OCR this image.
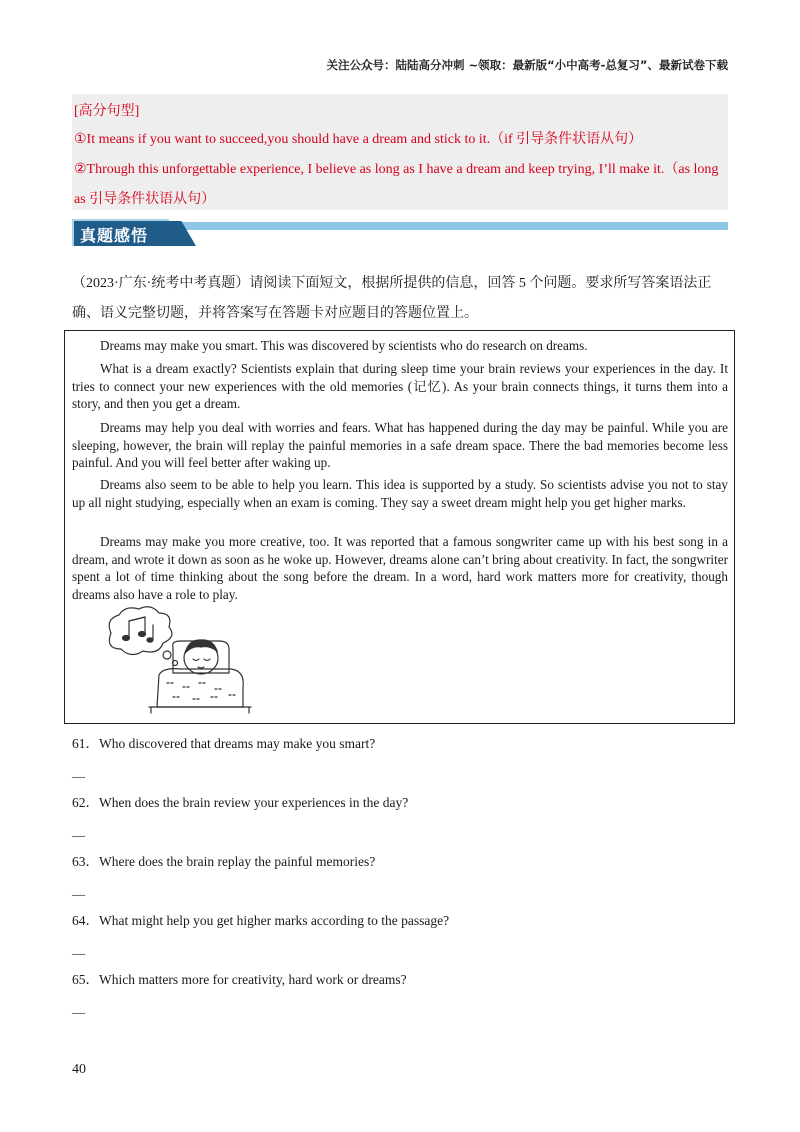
关注公众号：陆陆高分冲刺 ~领取：最新版“小中高考-总复习”、最新试卷下载
[高分句型]
①It means if you want to succeed,you should have a dream and stick to it.（if 引导条件状语从句）
②Through this unforgettable experience, I believe as long as I have a dream and keep trying, I’ll make it.（as long
as 引导条件状语从句）
真题感悟
（2023·广东·统考中考真题）请阅读下面短文，根据所提供的信息，回答 5 个问题。要求所写答案语法正
确、语义完整切题，并将答案写在答题卡对应题目的答题位置上。
Dreams may make you smart. This was discovered by scientists who do research on dreams.
What is a dream exactly? Scientists explain that during sleep time your brain reviews your experiences in the day. It tries to connect your new experiences with the old memories (记忆). As your brain connects things, it turns them into a story, and then you get a dream.
Dreams may help you deal with worries and fears. What has happened during the day may be painful. While you are sleeping, however, the brain will replay the painful memories in a safe dream space. There the bad memories become less painful. And you will feel better after waking up.
Dreams also seem to be able to help you learn. This idea is supported by a study. So scientists advise you not to stay up all night studying, especially when an exam is coming. They say a sweet dream might help you get higher marks.
Dreams may make you more creative, too. It was reported that a famous songwriter came up with his best song in a dream, and wrote it down as soon as he woke up. However, dreams alone can’t bring about creativity. In fact, the songwriter spent a lot of time thinking about the song before the dream. In a word, hard work matters more for creativity, though dreams also have a role to play.
61．Who discovered that dreams may make you smart?
__
62．When does the brain review your experiences in the day?
__
63．Where does the brain replay the painful memories?
__
64．What might help you get higher marks according to the passage?
__
65．Which matters more for creativity, hard work or dreams?
__
40
